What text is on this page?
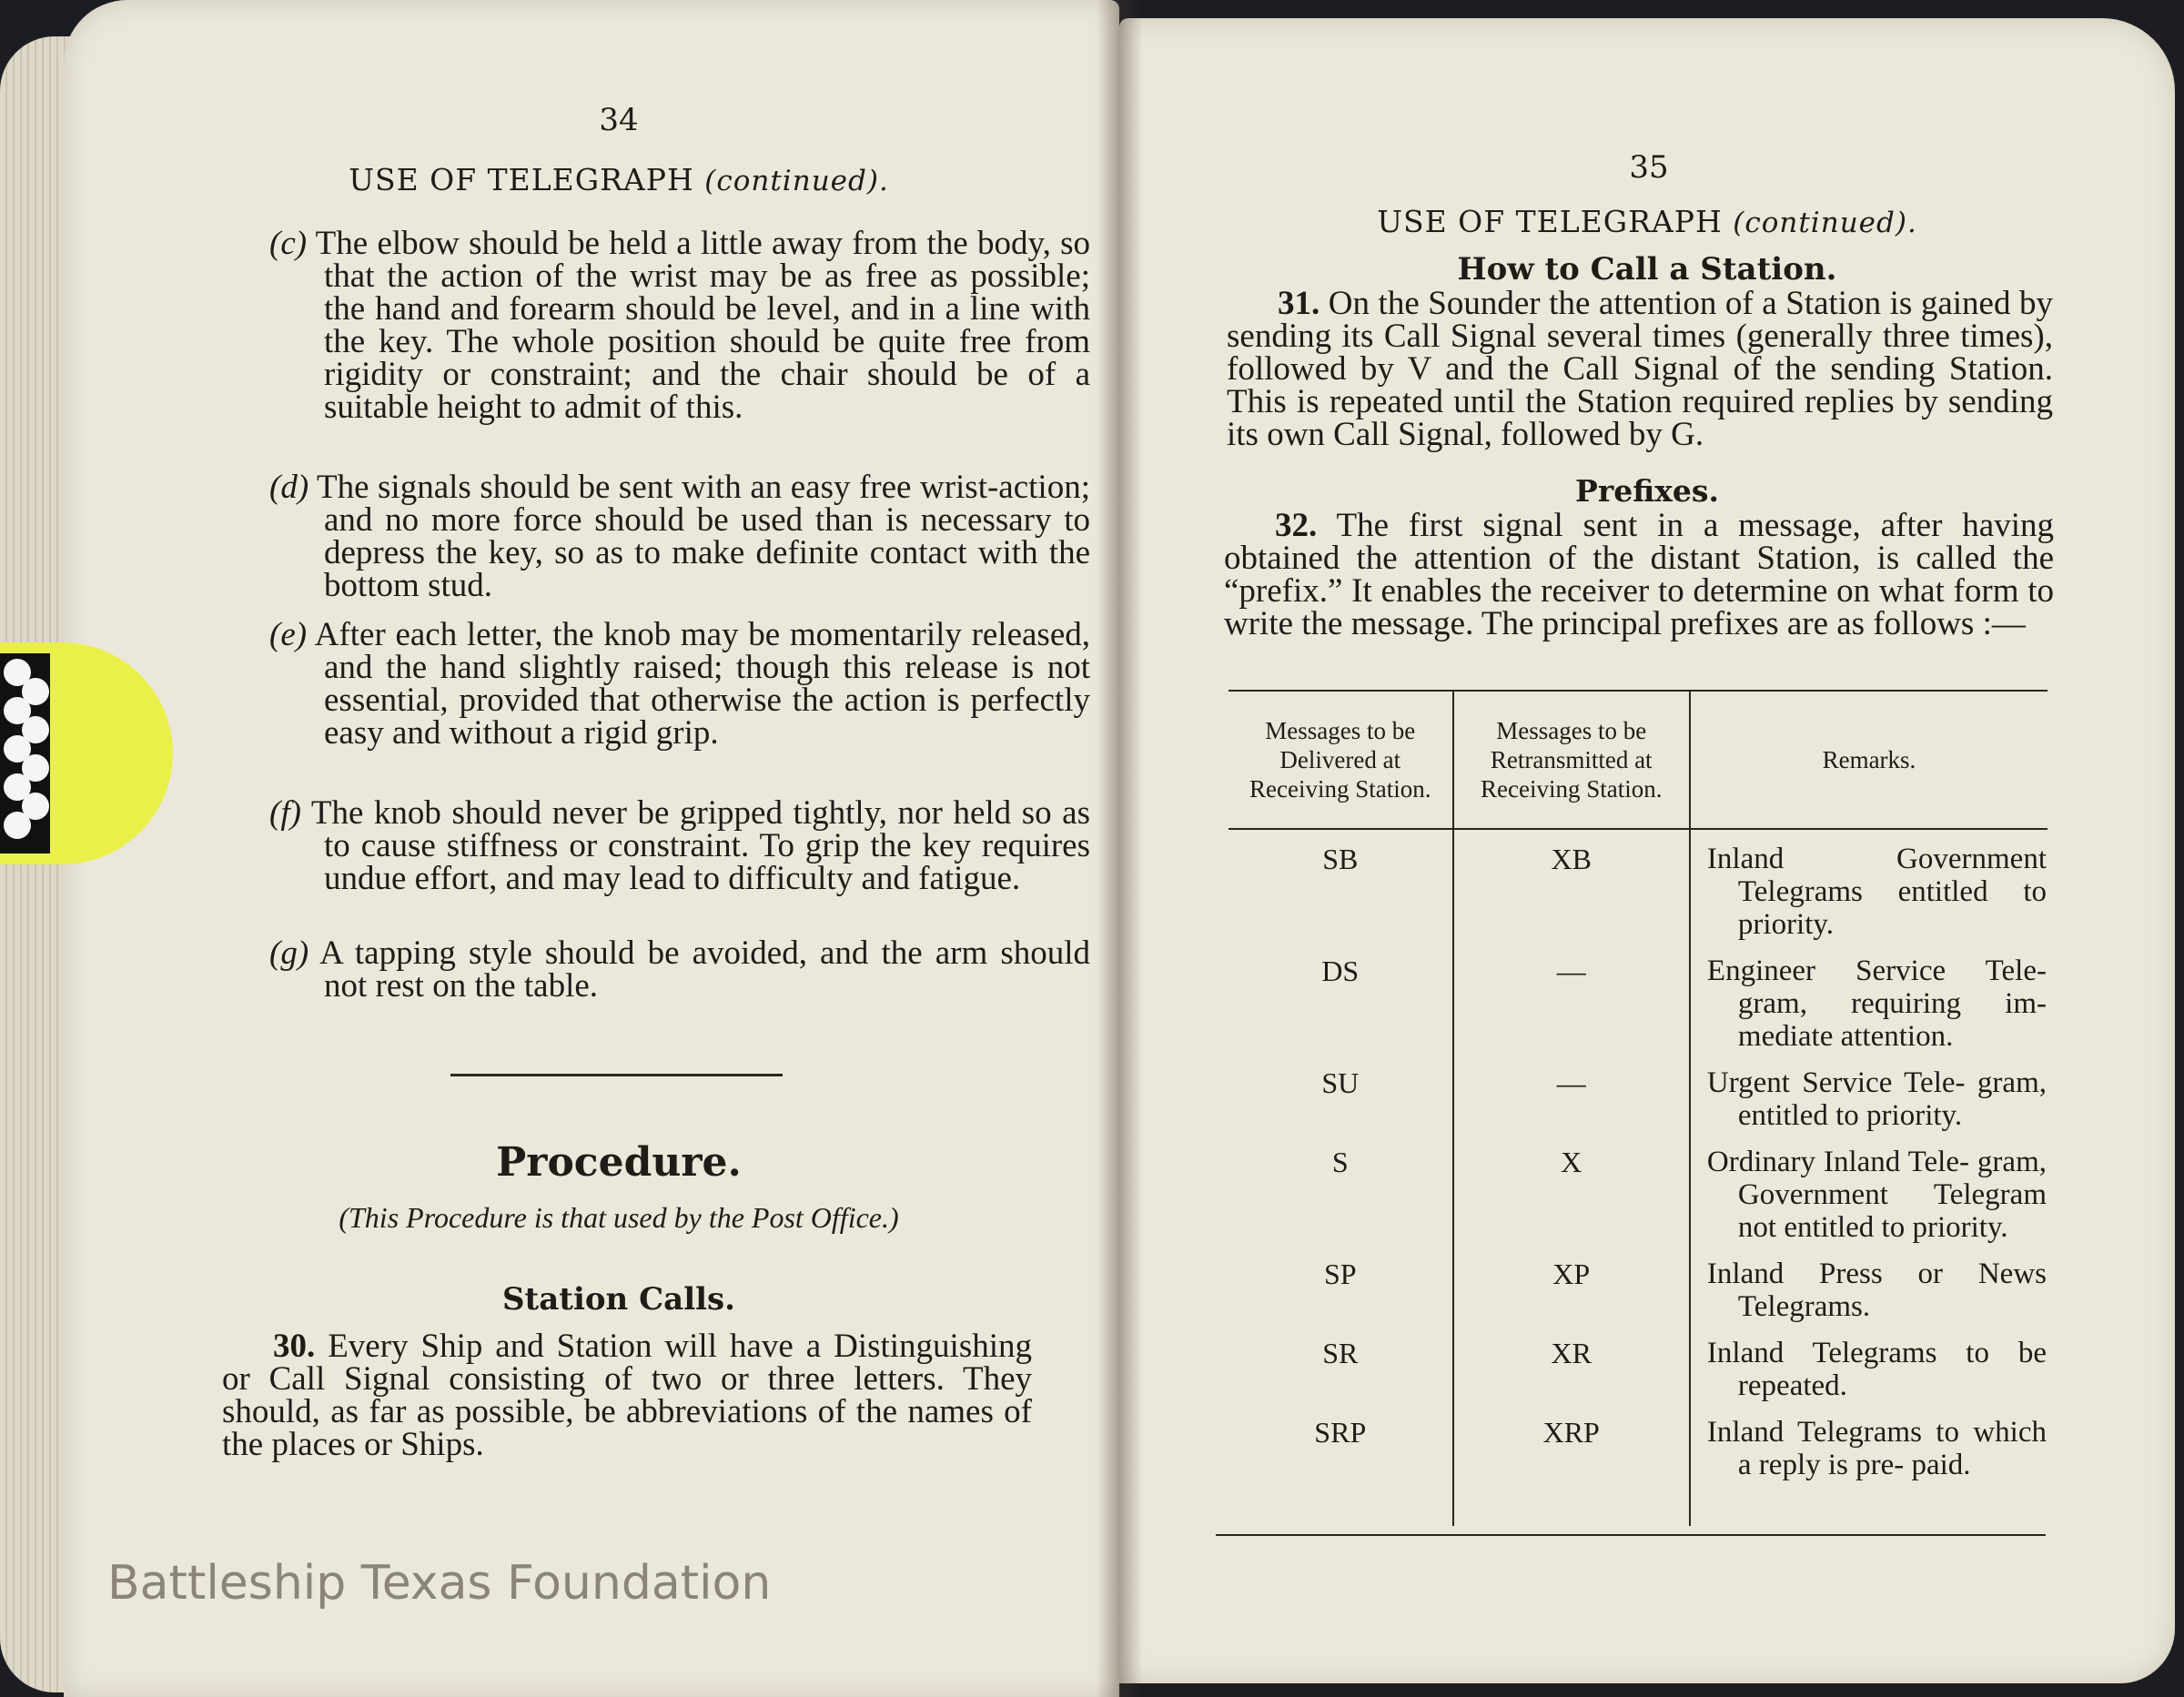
34
USE OF TELEGRAPH (continued).
(c) The elbow should be held a little away from the body, so that the action of the wrist may be as free as possible; the hand and forearm should be level, and in a line with the key. The whole position should be quite free from rigidity or constraint; and the chair should be of a suitable height to admit of this.
(d) The signals should be sent with an easy free wrist-action; and no more force should be used than is necessary to depress the key, so as to make definite contact with the bottom stud.
(e) After each letter, the knob may be momentarily released, and the hand slightly raised; though this release is not essential, provided that otherwise the action is perfectly easy and without a rigid grip.
(f) The knob should never be gripped tightly, nor held so as to cause stiffness or constraint. To grip the key requires undue effort, and may lead to difficulty and fatigue.
(g) A tapping style should be avoided, and the arm should not rest on the table.
Procedure.
(This Procedure is that used by the Post Office.)
Station Calls.
30. Every Ship and Station will have a Distinguishing or Call Signal consisting of two or three letters. They should, as far as possible, be abbreviations of the names of the places or Ships.
35
USE OF TELEGRAPH (continued).
How to Call a Station.
31. On the Sounder the attention of a Station is gained by sending its Call Signal several times (generally three times), followed by V and the Call Signal of the sending Station. This is repeated until the Station required replies by sending its own Call Signal, followed by G.
Prefixes.
32. The first signal sent in a message, after having obtained the attention of the distant Station, is called the “prefix.” It enables the receiver to determine on what form to write the message. The principal prefixes are as follows :—
Messages to be Delivered at Receiving Station.	Messages to be Retransmitted at Receiving Station.	Remarks.
SB	XB	Inland Government Telegrams entitled to priority.

DS	—	Engineer Service Tele- gram, requiring im- mediate attention.

SU	—	Urgent Service Tele- gram, entitled to priority.

S	X	Ordinary Inland Tele- gram, Government Telegram not entitled to priority.

SP	XP	Inland Press or News Telegrams.

SR	XR	Inland Telegrams to be repeated.

SRP	XRP	Inland Telegrams to which a reply is pre- paid.
Battleship Texas Foundation
